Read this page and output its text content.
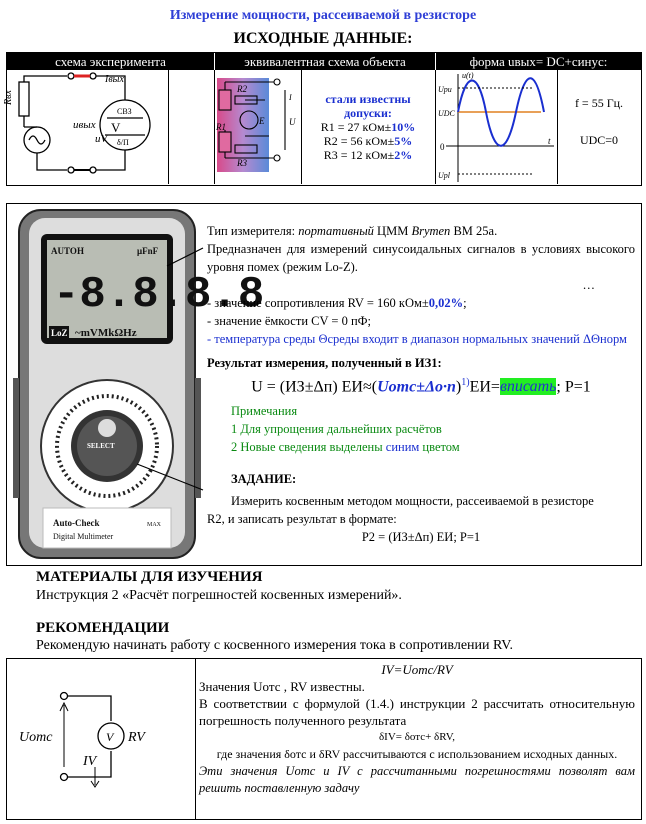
Измерение мощности, рассеиваемой в резисторе
ИСХОДНЫЕ ДАННЫЕ:
схема эксперимента	эквивалентная схема объекта	форма uвых= DC+синус:
Rвх
Iвых
uвых
uV
СВЗ
V
δ/Π
R2
R1
R3
E
I
U
стали известны допуски:
R1 = 27 кОм±10%
R2 = 56 кОм±5%
R3 = 12 кОм±2%
u(t)
Upu
UDC
0
Upl
t
f = 55 Гц.
UDC=0
AUTO H	μFnF
-8.8.8.8
LoZ ~mVMkΩHz
SELECT
Auto-Check
Digital Multimeter
MAX
Тип измерителя: портативный ЦММ Brymen ВМ 25а.
Предназначен для измерений синусоидальных сигналов в условиях высокого уровня помех (режим Lo-Z).
…
- значение сопротивления RV = 160 кОм±0,02%;
- значение ёмкости CV = 0 пФ;
- температура среды Θсреды входит в диапазон нормальных значений ΔΘнорм
Результат измерения, полученный в ИЗ1:
U = (ИЗ±Δп) ЕИ≈(Uотс±Δо·п)$^{1)}$ЕИ=вписать; P=1
Примечания
1 Для упрощения дальнейших расчётов
2 Новые сведения выделены синим цветом
ЗАДАНИЕ:
Измерить косвенным методом мощности, рассеиваемой в резисторе
R2, и записать результат в формате:
P2 = (ИЗ±Δп) ЕИ; P=1
МАТЕРИАЛЫ ДЛЯ ИЗУЧЕНИЯ
Инструкция 2 «Расчёт погрешностей косвенных измерений».
РЕКОМЕНДАЦИИ
Рекомендую начинать работу с косвенного измерения тока в сопротивлении RV.
Uотс	V RV
IV
IV=Uотс/RV
Значения Uотс , RV известны.
В соответствии с формулой (1.4.) инструкции 2 рассчитать относительную погрешность полученного результата
δIV= δотс+ δRV,
где значения δотс и δRV рассчитываются с использованием исходных данных.
Эти значения Uотс и IV с рассчитанными погрешностями позволят вам решить поставленную задачу
